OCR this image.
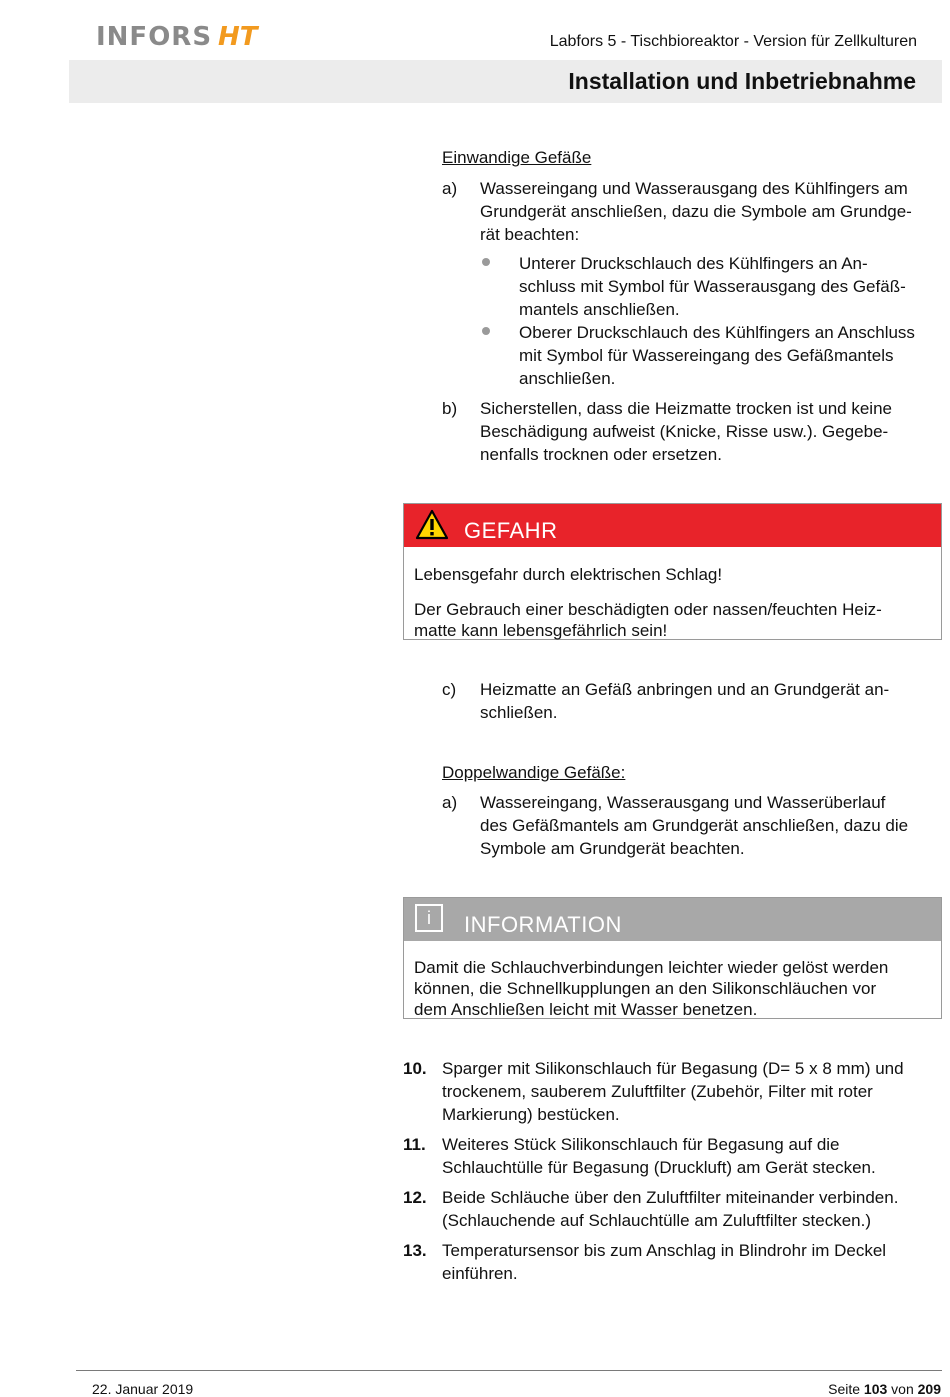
INFORS HT	Labfors 5 - Tischbioreaktor - Version für Zellkulturen
Installation und Inbetriebnahme
Einwandige Gefäße
a)	Wassereingang und Wasserausgang des Kühlfingers am
Grundgerät anschließen, dazu die Symbole am Grundge-
rät beachten:
Unterer Druckschlauch des Kühlfingers an An-
schluss mit Symbol für Wasserausgang des Gefäß-
mantels anschließen.
Oberer Druckschlauch des Kühlfingers an Anschluss
mit Symbol für Wassereingang des Gefäßmantels
anschließen.
b)	Sicherstellen, dass die Heizmatte trocken ist und keine
Beschädigung aufweist (Knicke, Risse usw.). Gegebe-
nenfalls trocknen oder ersetzen.
GEFAHR
Lebensgefahr durch elektrischen Schlag!
Der Gebrauch einer beschädigten oder nassen/feuchten Heiz-
matte kann lebensgefährlich sein!
c)	Heizmatte an Gefäß anbringen und an Grundgerät an-
schließen.
Doppelwandige Gefäße:
a)	Wassereingang, Wasserausgang und Wasserüberlauf
des Gefäßmantels am Grundgerät anschließen, dazu die
Symbole am Grundgerät beachten.
i	INFORMATION
Damit die Schlauchverbindungen leichter wieder gelöst werden
können, die Schnellkupplungen an den Silikonschläuchen vor
dem Anschließen leicht mit Wasser benetzen.
10. Sparger mit Silikonschlauch für Begasung (D= 5 x 8 mm) und
trockenem, sauberem Zuluftfilter (Zubehör, Filter mit roter
Markierung) bestücken.
11. Weiteres Stück Silikonschlauch für Begasung auf die
Schlauchtülle für Begasung (Druckluft) am Gerät stecken.
12. Beide Schläuche über den Zuluftfilter miteinander verbinden.
(Schlauchende auf Schlauchtülle am Zuluftfilter stecken.)
13. Temperatursensor bis zum Anschlag in Blindrohr im Deckel
einführen.
22. Januar 2019	Seite 103 von 209
